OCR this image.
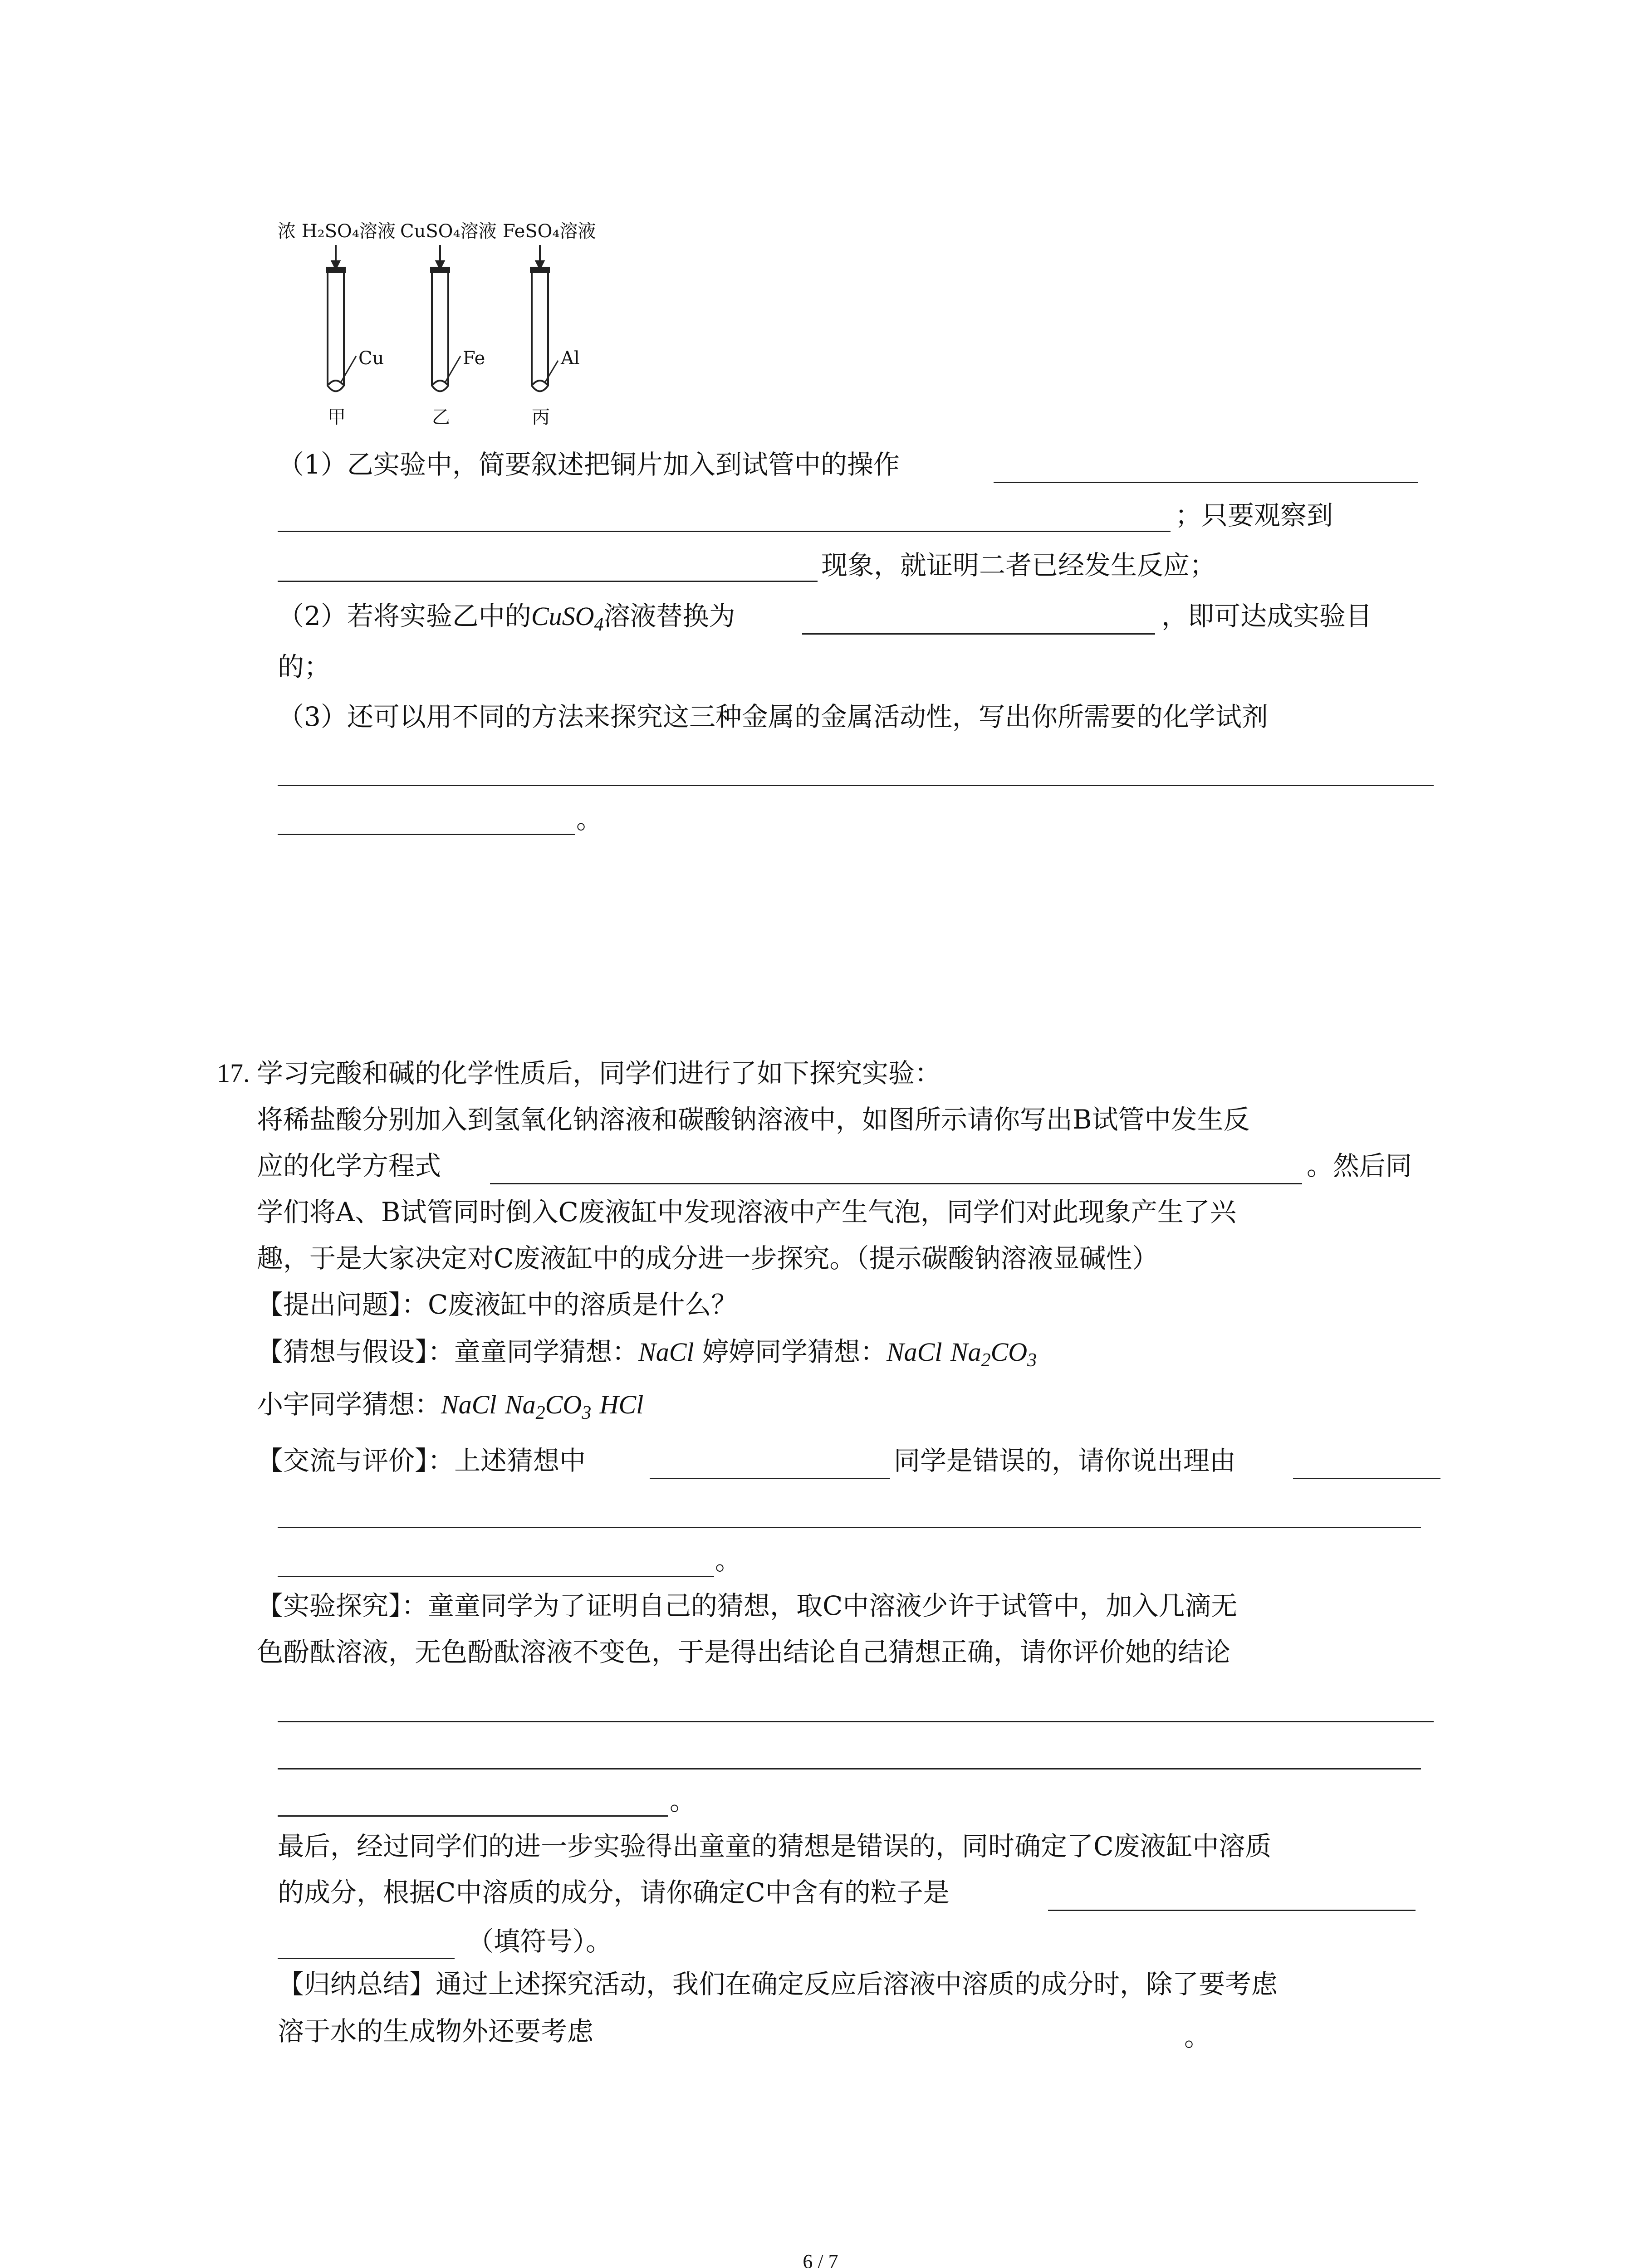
浓 H₂SO₄溶液 CuSO₄溶液 FeSO₄溶液
Cu	Fe	Al
甲	乙	丙
（1）乙实验中，简要叙述把铜片加入到试管中的操作
；只要观察到
现象，就证明二者已经发生反应；
（2）若将实验乙中的CuSO$_4$溶液替换为	，即可达成实验目
的；
（3）还可以用不同的方法来探究这三种金属的金属活动性，写出你所需要的化学试剂
。
17. 学习完酸和碱的化学性质后，同学们进行了如下探究实验：
将稀盐酸分别加入到氢氧化钠溶液和碳酸钠溶液中，如图所示请你写出B试管中发生反
应的化学方程式	。然后同
学们将A、B试管同时倒入C废液缸中发现溶液中产生气泡，同学们对此现象产生了兴
趣，于是大家决定对C废液缸中的成分进一步探究。（提示碳酸钠溶液显碱性）
【提出问题】：C废液缸中的溶质是什么？
【猜想与假设】：童童同学猜想：NaCl 婷婷同学猜想：NaCl $Na_2CO_3$
小宇同学猜想：NaCl $Na_2CO_3$ HCl
【交流与评价】：上述猜想中	同学是错误的，请你说出理由
。
【实验探究】：童童同学为了证明自己的猜想，取C中溶液少许于试管中，加入几滴无
色酚酞溶液，无色酚酞溶液不变色，于是得出结论自己猜想正确，请你评价她的结论
。
最后，经过同学们的进一步实验得出童童的猜想是错误的，同时确定了C废液缸中溶质
的成分，根据C中溶质的成分，请你确定C中含有的粒子是
（填符号）。
【归纳总结】通过上述探究活动，我们在确定反应后溶液中溶质的成分时，除了要考虑
溶于水的生成物外还要考虑	。
6 / 7
